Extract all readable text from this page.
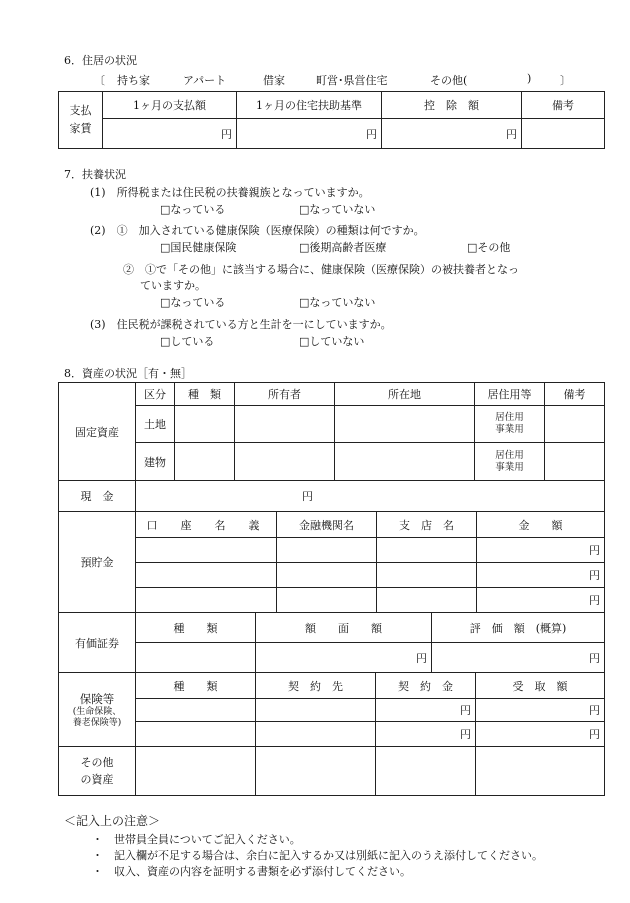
6．住居の状況
〔 持ち家	アパート	借家	町営･県営住宅	その他(	)	〕
支払
家賃	1ヶ月の支払額	1ヶ月の住宅扶助基準	控　除　額	備考
	円	円	円	
7．扶養状況
(1)　所得税または住民税の扶養親族となっていますか。
□なっている	□なっていない
(2)　①　加入されている健康保険（医療保険）の種類は何ですか。
□国民健康保険	□後期高齢者医療	□その他
②　①で「その他」に該当する場合に、健康保険（医療保険）の被扶養者となっ
ていますか。
□なっている	□なっていない
(3)　住民税が課税されている方と生計を一にしていますか。
□している	□していない
8．資産の状況［有・無］
固定資産	区分	種　類	所有者	所在地	居住用等	備考
	土地				居住用
事業用	

	建物				居住用
事業用	

現　金	円					
預貯金	口　座　名　義	金融機関名	支　店　名	金　　額
				円
				円
				円
有価証券	種　　類	額　　面　　額	評　価　額　(概算)
		円	円
保険等
(生命保険、
養老保険等)	種　　類	契　約　先	契　約　金	受　取　額
			円	円
			円	円

その他
の資産				

＜記入上の注意＞
・　世帯員全員についてご記入ください。
・　記入欄が不足する場合は、余白に記入するか又は別紙に記入のうえ添付してください。
・　収入、資産の内容を証明する書類を必ず添付してください。
